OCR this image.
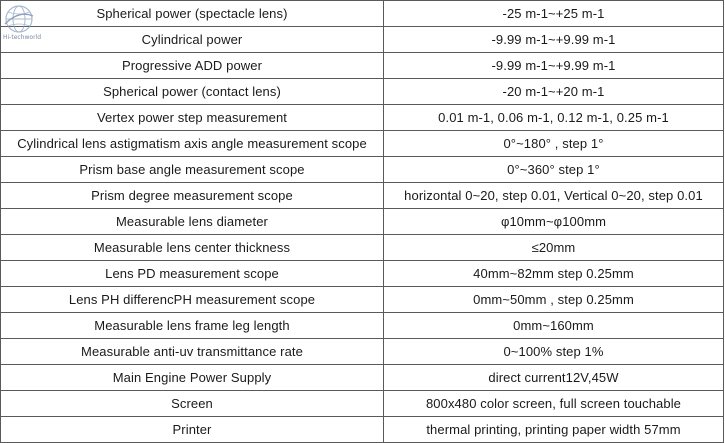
Hi-techworld
Spherical power (spectacle lens)	-25 m-1~+25 m-1
Cylindrical power	-9.99 m-1~+9.99 m-1
Progressive ADD power	-9.99 m-1~+9.99 m-1
Spherical power (contact lens)	-20 m-1~+20 m-1
Vertex power step measurement	0.01 m-1, 0.06 m-1, 0.12 m-1, 0.25 m-1
Cylindrical lens astigmatism axis angle measurement scope	0°~180° , step 1°
Prism base angle measurement scope	0°~360° step 1°
Prism degree measurement scope	horizontal 0~20, step 0.01, Vertical 0~20, step 0.01
Measurable lens diameter	φ10mm~φ100mm
Measurable lens center thickness	≤20mm
Lens PD measurement scope	40mm~82mm step 0.25mm
Lens PH differencPH measurement scope	0mm~50mm , step 0.25mm
Measurable lens frame leg length	0mm~160mm
Measurable anti-uv transmittance rate	0~100% step 1%
Main Engine Power Supply	direct current12V,45W
Screen	800x480 color screen, full screen touchable
Printer	thermal printing, printing paper width 57mm
